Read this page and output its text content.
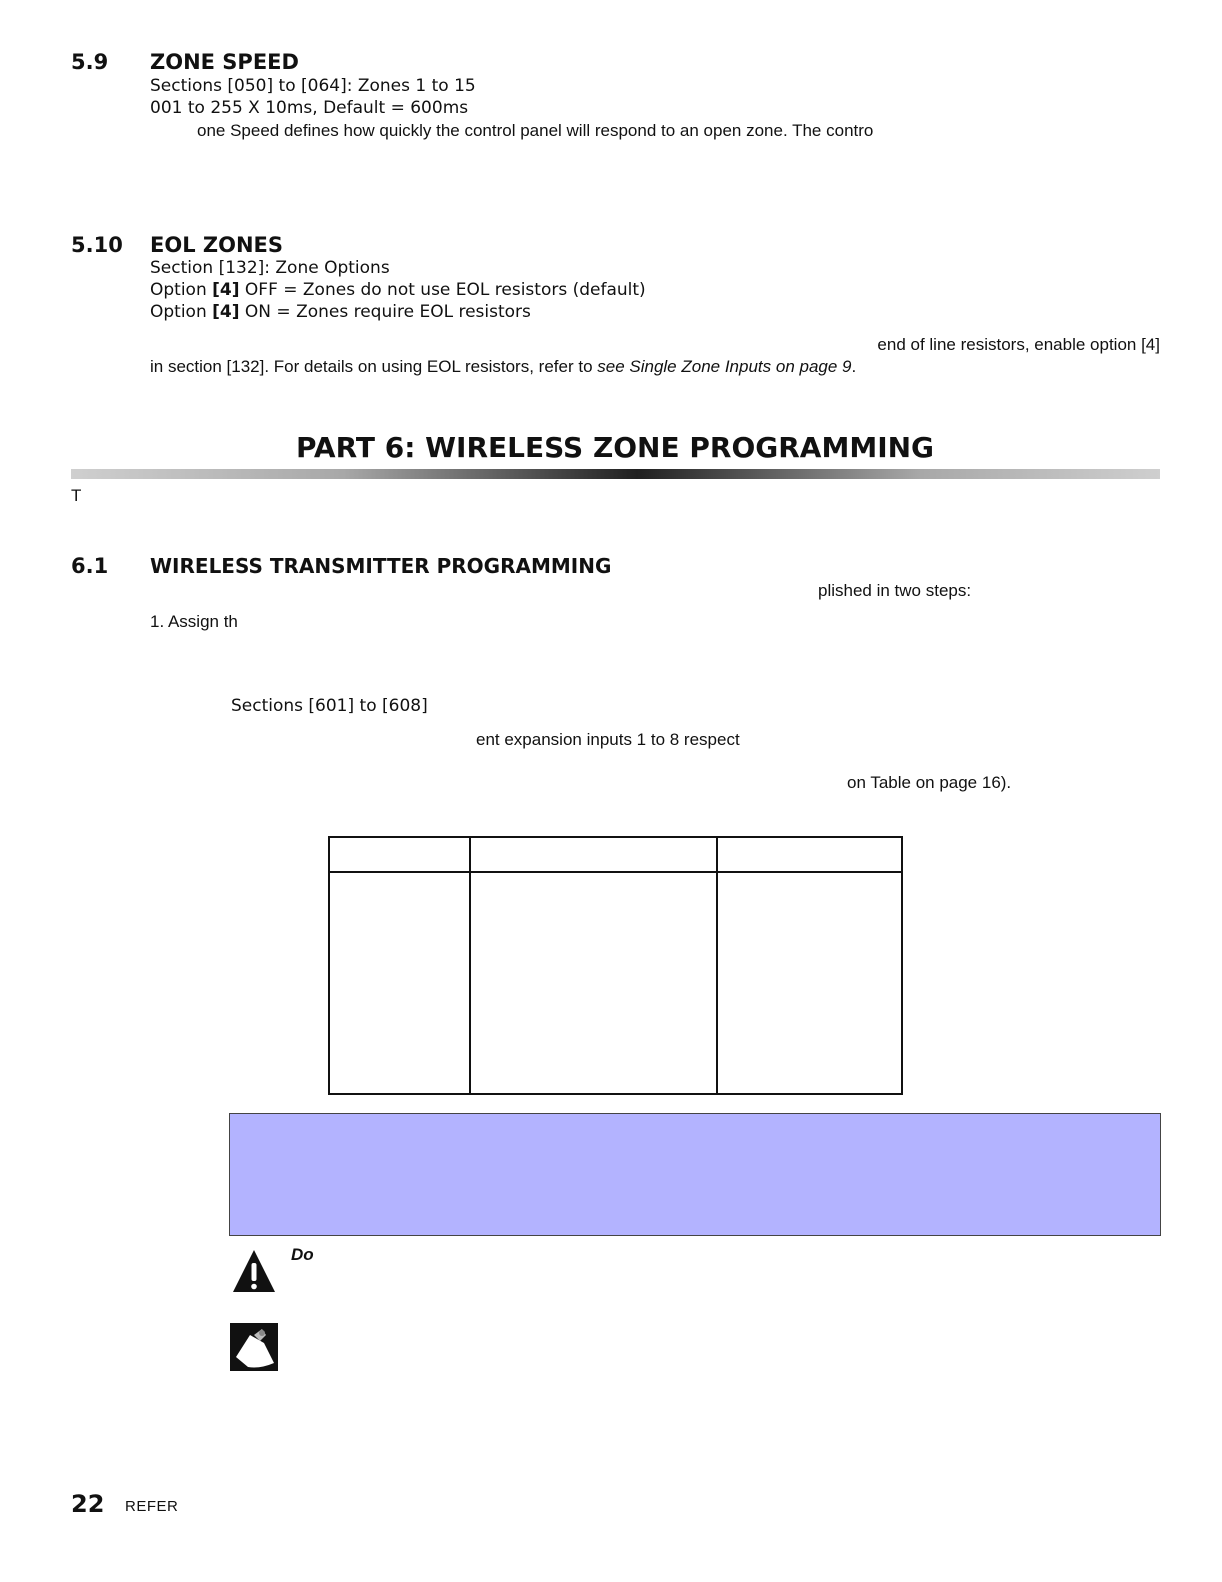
5.9 ZONE SPEED
Sections [050] to [064]: Zones 1 to 15
001 to 255 X 10ms, Default = 600ms
one Speed defines how quickly the control panel will respond to an open zone. The contro
5.10 EOL ZONES
Section [132]: Zone Options
Option [4] OFF = Zones do not use EOL resistors (default)
Option [4] ON = Zones require EOL resistors
end of line resistors, enable option [4]
in section [132]. For details on using EOL resistors, refer to see Single Zone Inputs on page 9.
PART 6: WIRELESS ZONE PROGRAMMING
T
6.1 WIRELESS TRANSMITTER PROGRAMMING
plished in two steps:
1. Assign th
Sections [601] to [608]
ent expansion inputs 1 to 8 respect
on Table on page 16).

Do
22 REFER
